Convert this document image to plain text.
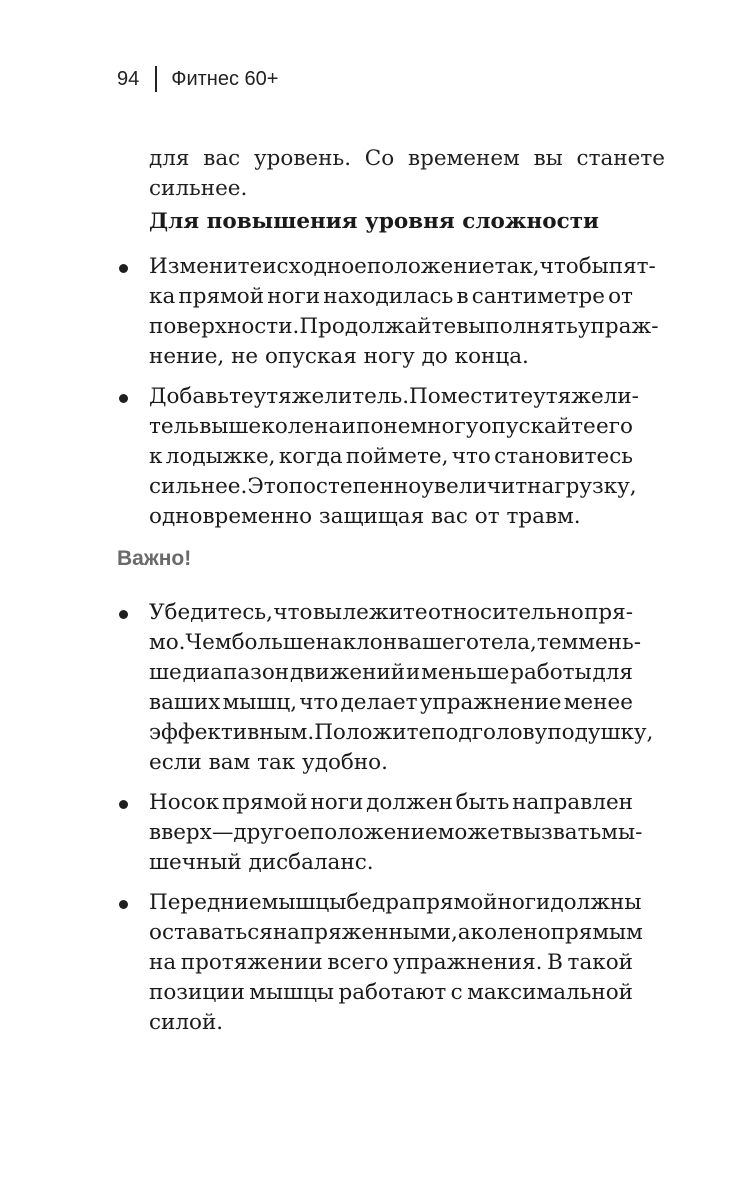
94 Фитнес 60+
для вас уровень. Со временем вы станете
сильнее.
Для повышения уровня сложности
Измените исходное положение так, чтобы пят-
ка прямой ноги находилась в сантиметре от
поверхности. Продолжайте выполнять упраж-
нение, не опуская ногу до конца.
Добавьте утяжелитель. Поместите утяжели-
тель выше колена и понемногу опускайте его
к лодыжке, когда поймете, что становитесь
сильнее. Это постепенно увеличит нагрузку,
одновременно защищая вас от травм.
Важно!
Убедитесь, что вы лежите относительно пря-
мо. Чем больше наклон вашего тела, тем мень-
ше диапазон движений и меньше работы для
ваших мышц, что делает упражнение менее
эффективным. Положите под голову подушку,
если вам так удобно.
Носок прямой ноги должен быть направлен
вверх — другое положение может вызвать мы-
шечный дисбаланс.
Передние мышцы бедра прямой ноги должны
оставаться напряженными, а колено прямым
на протяжении всего упражнения. В такой
позиции мышцы работают с максимальной
силой.
